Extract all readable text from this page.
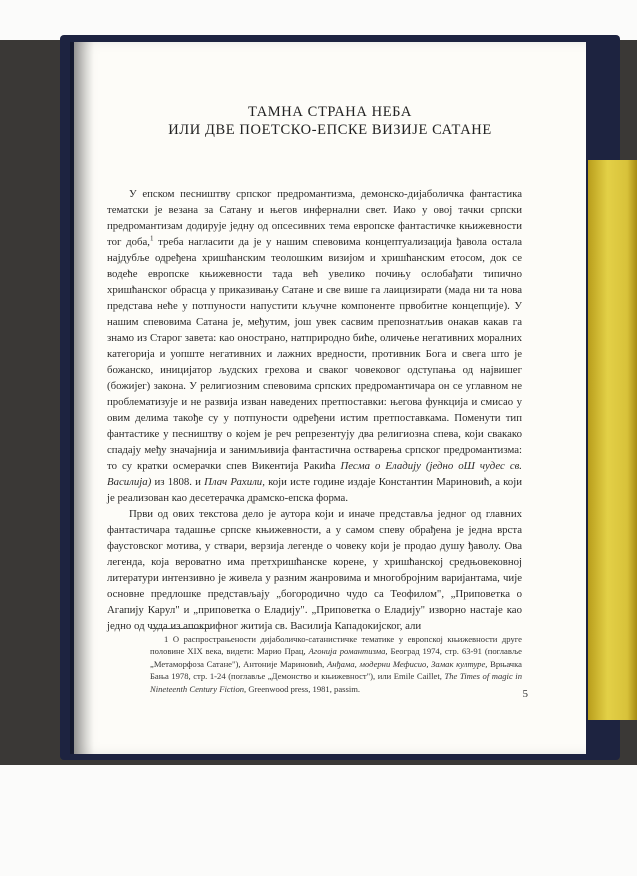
ТАМНА СТРАНА НЕБА
ИЛИ ДВЕ ПОЕТСКО-ЕПСКЕ ВИЗИЈЕ САТАНЕ

У епском песништву српског предромантизма, демонско-дијаболичка фантастика тематски је везана за Сатану и његов инфернални свет. Иако у овој тачки српски предромантизам додирује једну од опсесивних тема европске фантастичке књижевности тог доба,$^1$ треба нагласити да је у нашим спевовима концептуализација ђавола остала најдубље одређена хришћанским теолошким визијом и хришћанским етосом, док се водеће европске књижевности тада већ увелико почињу ослобађати типично хришћанског обрасца у приказивању Сатане и све више га лаицизирати (мада ни та нова представа неће у потпуности напустити кључне компоненте првобитне концепције). У нашим спевовима Сатана је, међутим, још увек сасвим препознатљив онакав какав га знамо из Старог завета: као онострано, натприродно биће, оличење негативних моралних категорија и уопште негативних и лажних вредности, противник Бога и свега што је божанско, иницијатор људских грехова и сваког човековог одступања од највишег (божијег) закона. У религиозним спевовима српских предромантичара он се углавном не проблематизује и не развија изван наведених претпоставки: његова функција и смисао у овим делима такође су у потпуности одређени истим претпоставкама. Поменути тип фантастике у песништву о којем је реч репрезентују два религиозна спева, који свакако спадају међу значајнија и занимљивија фантастична остварења српског предромантизма: то су кратки осмерачки спев Викентија Ракића Песма о Еладију (једно оШ чудес св. Василија) из 1808. и Плач Рахили, који исте године издаје Константин Мариновић, а који је реализован као десетерачка драмско-епска форма.

Први од ових текстова дело је аутора који и иначе представља једног од главних фантастичара тадашње српске књижевности, а у самом спеву обрађена је једна врста фаустовског мотива, у ствари, верзија легенде о човеку који је продао душу ђаволу. Ова легенда, која вероватно има претхришћанске корене, у хришћанској средњовековној литератури интензивно је живела у разним жанровима и многобројним варијантама, чије основне предлошке представљају „богородично чудо са Теофилом", „Приповетка о Агапију Карул" и „приповетка о Еладију". „Приповетка о Еладију" изворно настаје као једно од чуда из апокрифног житија св. Василија Кападокијског, али

1 О распрострањености дијаболичко-сатанистичке тематике у европској књижевности друге половине XIX века, видети: Марио Прац, Агонија романтизма, Београд 1974, стр. 63-91 (поглавље „Метаморфоза Сатане"), Антоније Мариновић, Анђама, модерни Мефисио, Замак културе, Врњачка Бања 1978, стр. 1-24 (поглавље „Демонство и књижевност"), или Emile Caillet, The Times of magic in Nineteenth Century Fiction, Greenwood press, 1981, passim.	5
